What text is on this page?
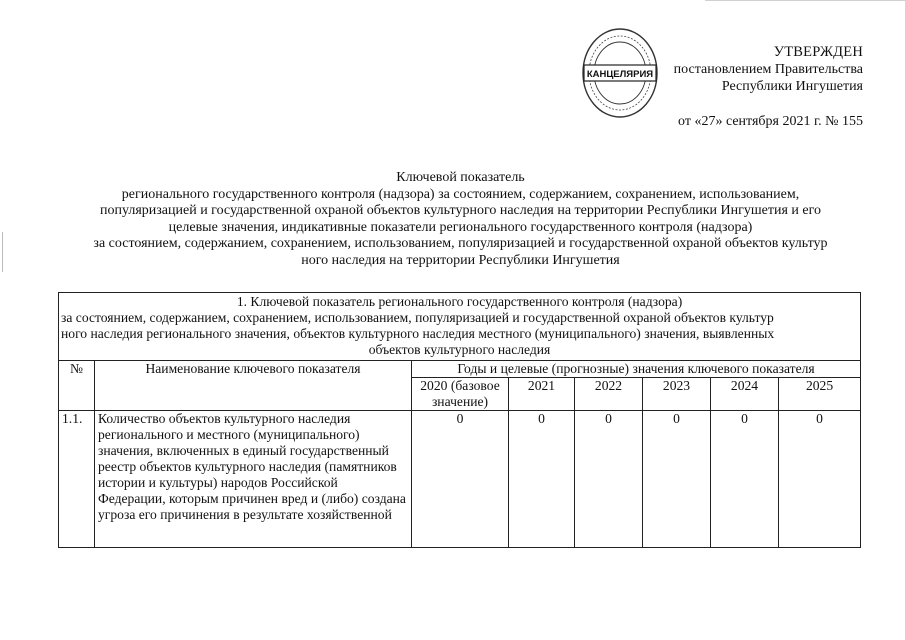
КАНЦЕЛЯРИЯ
УТВЕРЖДЕН
постановлением Правительства
Республики Ингушетия
от «27» сентября 2021 г. № 155
Ключевой показатель
регионального государственного контроля (надзора) за состоянием, содержанием, сохранением, использованием,
популяризацией и государственной охраной объектов культурного наследия на территории Республики Ингушетия и его
целевые значения, индикативные показатели регионального государственного контроля (надзора)
за состоянием, содержанием, сохранением, использованием, популяризацией и государственной охраной объектов культур
ного наследия на территории Республики Ингушетия
1. Ключевой показатель регионального государственного контроля (надзора)
за состоянием, содержанием, сохранением, использованием, популяризацией и государственной охраной объектов культур
ного наследия регионального значения, объектов культурного наследия местного (муниципального) значения, выявленных
объектов культурного наследия							

№	Наименование ключевого показателя	Годы и целевые (прогнозные) значения ключевого показателя					
		2020 (базовое значение)	2021	2022	2023	2024	2025
1.1.	Количество объектов культурного наследия регионального и местного (муниципального) значения, включенных в единый государственный реестр объектов культурного наследия (памятников истории и культуры) народов Российской Федерации, которым причинен вред и (либо) создана угроза его причинения в результате хозяйственной	0	0	0	0	0	0
